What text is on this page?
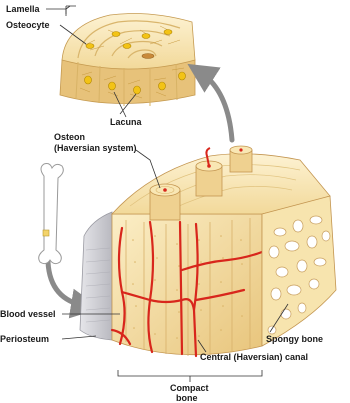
Lamella
Osteocyte
Lacuna
Osteon
(Haversian system)
Blood vessel
Periosteum	Spongy bone
Central (Haversian) canal
Compact
bone
